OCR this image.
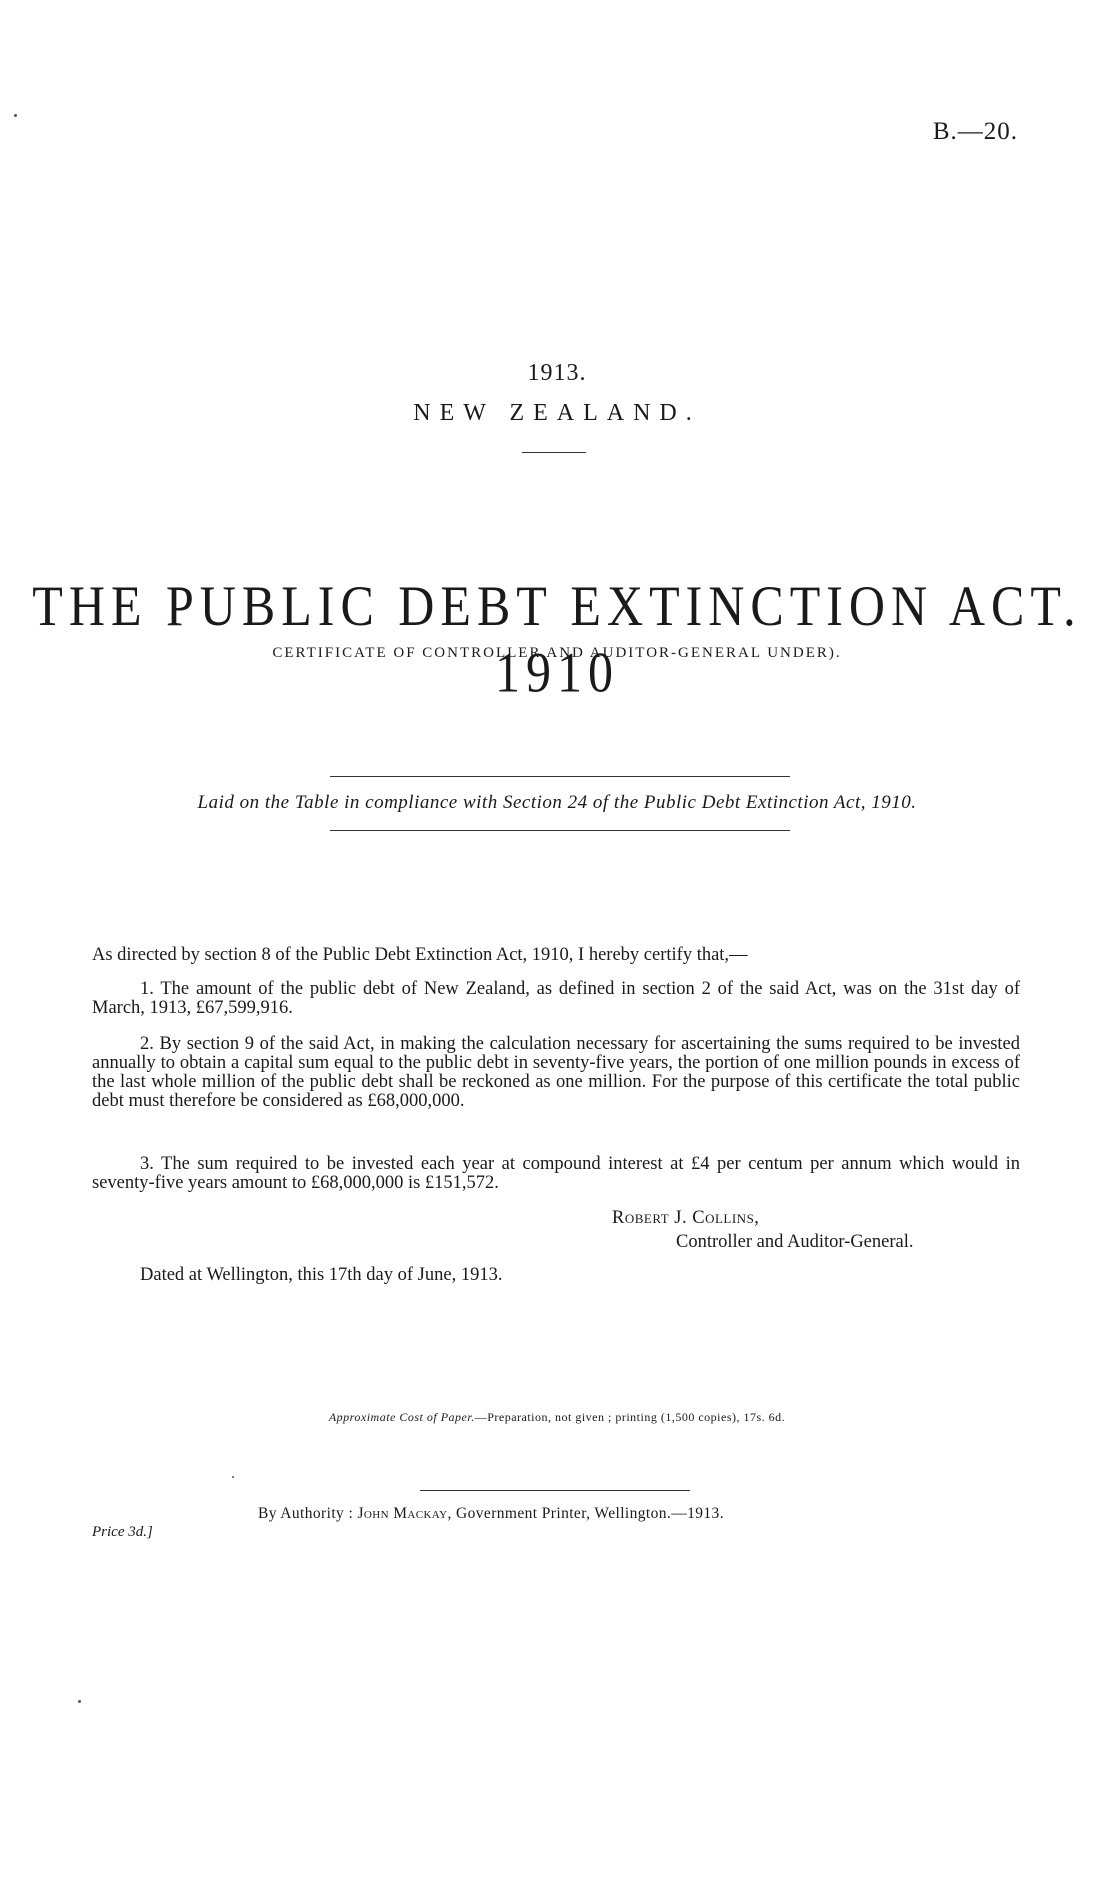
B.—20.
1913.
NEW ZEALAND.
THE PUBLIC DEBT EXTINCTION ACT. 1910
CERTIFICATE OF CONTROLLER AND AUDITOR-GENERAL UNDER).
Laid on the Table in compliance with Section 24 of the Public Debt Extinction Act, 1910.
As directed by section 8 of the Public Debt Extinction Act, 1910, I hereby certify that,—
1. The amount of the public debt of New Zealand, as defined in section 2 of the said Act, was on the 31st day of March, 1913, £67,599,916.
2. By section 9 of the said Act, in making the calculation necessary for ascertaining the sums required to be invested annually to obtain a capital sum equal to the public debt in seventy-five years, the portion of one million pounds in excess of the last whole million of the public debt shall be reckoned as one million. For the purpose of this certificate the total public debt must therefore be considered as £68,000,000.
3. The sum required to be invested each year at compound interest at £4 per centum per annum which would in seventy-five years amount to £68,000,000 is £151,572.
Robert J. Collins,
Controller and Auditor-General.
Dated at Wellington, this 17th day of June, 1913.
Approximate Cost of Paper.—Preparation, not given ; printing (1,500 copies), 17s. 6d.
By Authority : John Mackay, Government Printer, Wellington.—1913.
Price 3d.]
